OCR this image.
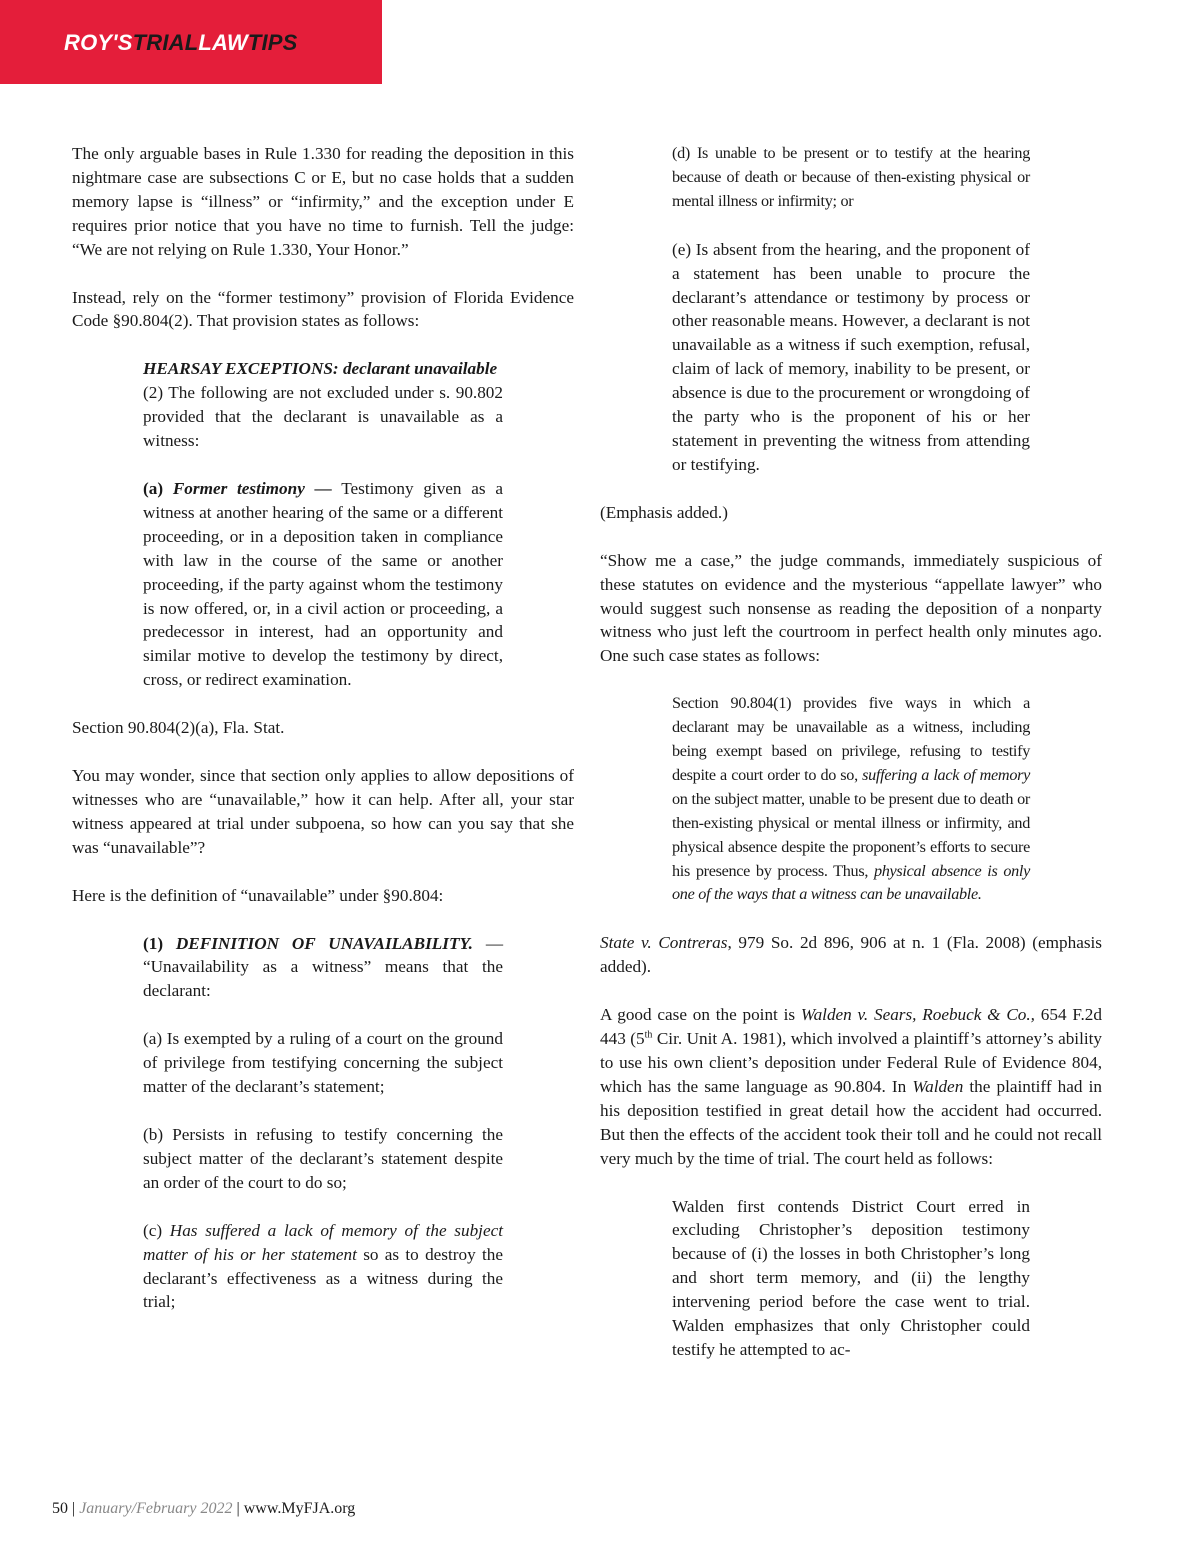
ROY'STRIALLAWTIPS

The only arguable bases in Rule 1.330 for reading the deposition in this nightmare case are subsections C or E, but no case holds that a sudden memory lapse is “illness” or “infirmity,” and the exception under E requires prior notice that you have no time to furnish. Tell the judge: “We are not relying on Rule 1.330, Your Honor.”

Instead, rely on the “former testimony” provision of Florida Evidence Code §90.804(2). That provision states as follows:

HEARSAY EXCEPTIONS: declarant unavailable
(2) The following are not excluded under s. 90.802 provided that the declarant is unavailable as a witness:
(a) Former testimony — Testimony given as a witness at another hearing of the same or a different proceeding, or in a deposition taken in compliance with law in the course of the same or another proceeding, if the party against whom the testimony is now offered, or, in a civil action or proceeding, a predecessor in interest, had an opportunity and similar motive to develop the testimony by direct, cross, or redirect examination.

Section 90.804(2)(a), Fla. Stat.

You may wonder, since that section only applies to allow depositions of witnesses who are “unavailable,” how it can help. After all, your star witness appeared at trial under subpoena, so how can you say that she was “unavailable”?

Here is the definition of “unavailable” under §90.804:

(1) DEFINITION OF UNAVAILABILITY. — “Unavailability as a witness” means that the declarant:
(a) Is exempted by a ruling of a court on the ground of privilege from testifying concerning the subject matter of the declarant’s statement;
(b) Persists in refusing to testify concerning the subject matter of the declarant’s statement despite an order of the court to do so;
(c) Has suffered a lack of memory of the subject matter of his or her statement so as to destroy the declarant’s effectiveness as a witness during the trial;
(d) Is unable to be present or to testify at the hearing because of death or because of then-existing physical or mental illness or infirmity; or
(e) Is absent from the hearing, and the proponent of a statement has been unable to procure the declarant’s attendance or testimony by process or other reasonable means. However, a declarant is not unavailable as a witness if such exemption, refusal, claim of lack of memory, inability to be present, or absence is due to the procurement or wrongdoing of the party who is the proponent of his or her statement in preventing the witness from attending or testifying.

(Emphasis added.)

“Show me a case,” the judge commands, immediately suspicious of these statutes on evidence and the mysterious “appellate lawyer” who would suggest such nonsense as reading the deposition of a nonparty witness who just left the courtroom in perfect health only minutes ago. One such case states as follows:

Section 90.804(1) provides five ways in which a declarant may be unavailable as a witness, including being exempt based on privilege, refusing to testify despite a court order to do so, suffering a lack of memory on the subject matter, unable to be present due to death or then-existing physical or mental illness or infirmity, and physical absence despite the proponent’s efforts to secure his presence by process. Thus, physical absence is only one of the ways that a witness can be unavailable.

State v. Contreras, 979 So. 2d 896, 906 at n. 1 (Fla. 2008) (emphasis added).

A good case on the point is Walden v. Sears, Roebuck & Co., 654 F.2d 443 (5th Cir. Unit A. 1981), which involved a plaintiff’s attorney’s ability to use his own client’s deposition under Federal Rule of Evidence 804, which has the same language as 90.804. In Walden the plaintiff had in his deposition testified in great detail how the accident had occurred. But then the effects of the accident took their toll and he could not recall very much by the time of trial. The court held as follows:

Walden first contends District Court erred in excluding Christopher’s deposition testimony because of (i) the losses in both Christopher’s long and short term memory, and (ii) the lengthy intervening period before the case went to trial. Walden emphasizes that only Christopher could testify he attempted to ac-
50 | January/February 2022 | www.MyFJA.org
